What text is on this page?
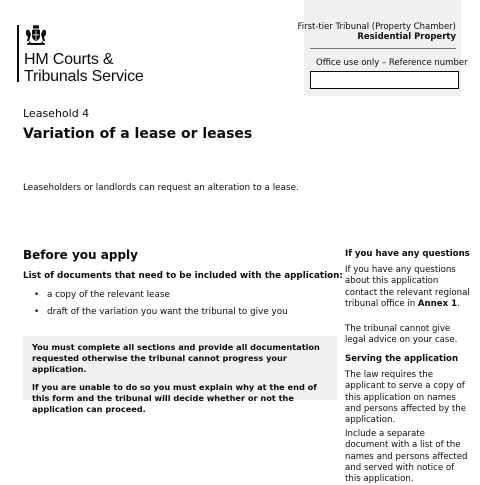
HM Courts &
Tribunals Service
First-tier Tribunal (Property Chamber)
Residential Property
Office use only – Reference number
Leasehold 4
Variation of a lease or leases
Leaseholders or landlords can request an alteration to a lease.
Before you apply
List of documents that need to be included with the application:
• a copy of the relevant lease
• draft of the variation you want the tribunal to give you

You must complete all sections and provide all documentation requested otherwise the tribunal cannot progress your application.

If you are unable to do so you must explain why at the end of this form and the tribunal will decide whether or not the application can proceed.

If you have any questions
If you have any questions about this application contact the relevant regional tribunal office in Annex 1.
The tribunal cannot give legal advice on your case.
Serving the application
The law requires the applicant to serve a copy of this application on names and persons affected by the application.
Include a separate document with a list of the names and persons affected and served with notice of this application.
